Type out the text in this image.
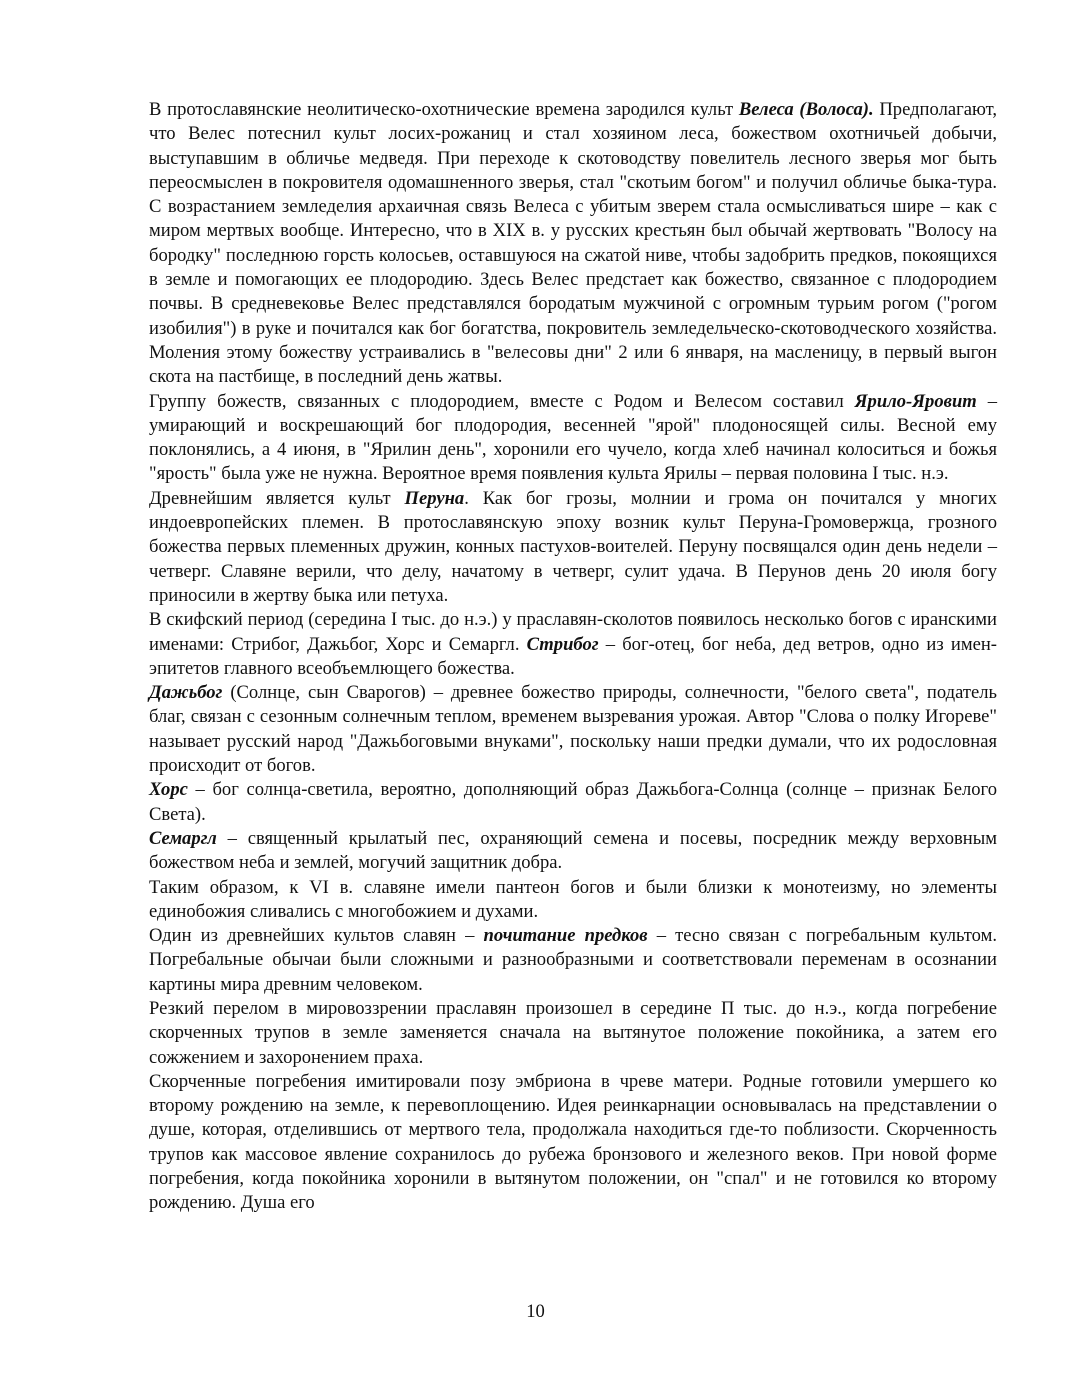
В протославянские неолитическо-охотнические времена зародился культ Велеса (Волоса). Предполагают, что Велес потеснил культ лосих-рожаниц и стал хозяином леса, божеством охотничьей добычи, выступавшим в обличье медведя. При переходе к скотоводству повелитель лесного зверья мог быть переосмыслен в покровителя одомашненного зверья, стал "скотьим богом" и получил обличье быка-тура. С возрастанием земледелия архаичная связь Велеса с убитым зверем стала осмысливаться шире – как с миром мертвых вообще. Интересно, что в XIX в. у русских крестьян был обычай жертвовать "Волосу на бородку" последнюю горсть колосьев, оставшуюся на сжатой ниве, чтобы задобрить предков, покоящихся в земле и помогающих ее плодородию. Здесь Велес предстает как божество, связанное с плодородием почвы. В средневековье Велес представлялся бородатым мужчиной с огромным турьим рогом ("рогом изобилия") в руке и почитался как бог богатства, покровитель земледельческо-скотоводческого хозяйства. Моления этому божеству устраивались в "велесовы дни" 2 или 6 января, на масленицу, в первый выгон скота на пастбище, в последний день жатвы.

Группу божеств, связанных с плодородием, вместе с Родом и Велесом составил Ярило-Яровит – умирающий и воскрешающий бог плодородия, весенней "ярой" плодоносящей силы. Весной ему поклонялись, а 4 июня, в "Ярилин день", хоронили его чучело, когда хлеб начинал колоситься и божья "ярость" была уже не нужна. Вероятное время появления культа Ярилы – первая половина I тыс. н.э.

Древнейшим является культ Перуна. Как бог грозы, молнии и грома он почитался у многих индоевропейских племен. В протославянскую эпоху возник культ Перуна-Громовержца, грозного божества первых племенных дружин, конных пастухов-воителей. Перуну посвящался один день недели – четверг. Славяне верили, что делу, начатому в четверг, сулит удача. В Перунов день 20 июля богу приносили в жертву быка или петуха.

В скифский период (середина I тыс. до н.э.) у праславян-сколотов появилось несколько богов с иранскими именами: Стрибог, Дажьбог, Хорс и Семаргл. Стрибог – бог-отец, бог неба, дед ветров, одно из имен-эпитетов главного всеобъемлющего божества.

Дажьбог (Солнце, сын Сварогов) – древнее божество природы, солнечности, "белого света", податель благ, связан с сезонным солнечным теплом, временем вызревания урожая. Автор "Слова о полку Игореве" называет русский народ "Дажьбоговыми внуками", поскольку наши предки думали, что их родословная происходит от богов.

Хорс – бог солнца-светила, вероятно, дополняющий образ Дажьбога-Солнца (солнце – признак Белого Света).

Семаргл – священный крылатый пес, охраняющий семена и посевы, посредник между верховным божеством неба и землей, могучий защитник добра.

Таким образом, к VI в. славяне имели пантеон богов и были близки к монотеизму, но элементы единобожия сливались с многобожием и духами.

Один из древнейших культов славян – почитание предков – тесно связан с погребальным культом. Погребальные обычаи были сложными и разнообразными и соответствовали переменам в осознании картины мира древним человеком.

Резкий перелом в мировоззрении праславян произошел в середине П тыс. до н.э., когда погребение скорченных трупов в земле заменяется сначала на вытянутое положение покойника, а затем его сожжением и захоронением праха.

Скорченные погребения имитировали позу эмбриона в чреве матери. Родные готовили умершего ко второму рождению на земле, к перевоплощению. Идея реинкарнации основывалась на представлении о душе, которая, отделившись от мертвого тела, продолжала находиться где-то поблизости. Скорченность трупов как массовое явление сохранилось до рубежа бронзового и железного веков. При новой форме погребения, когда покойника хоронили в вытянутом положении, он "спал" и не готовился ко второму рождению. Душа его

10
